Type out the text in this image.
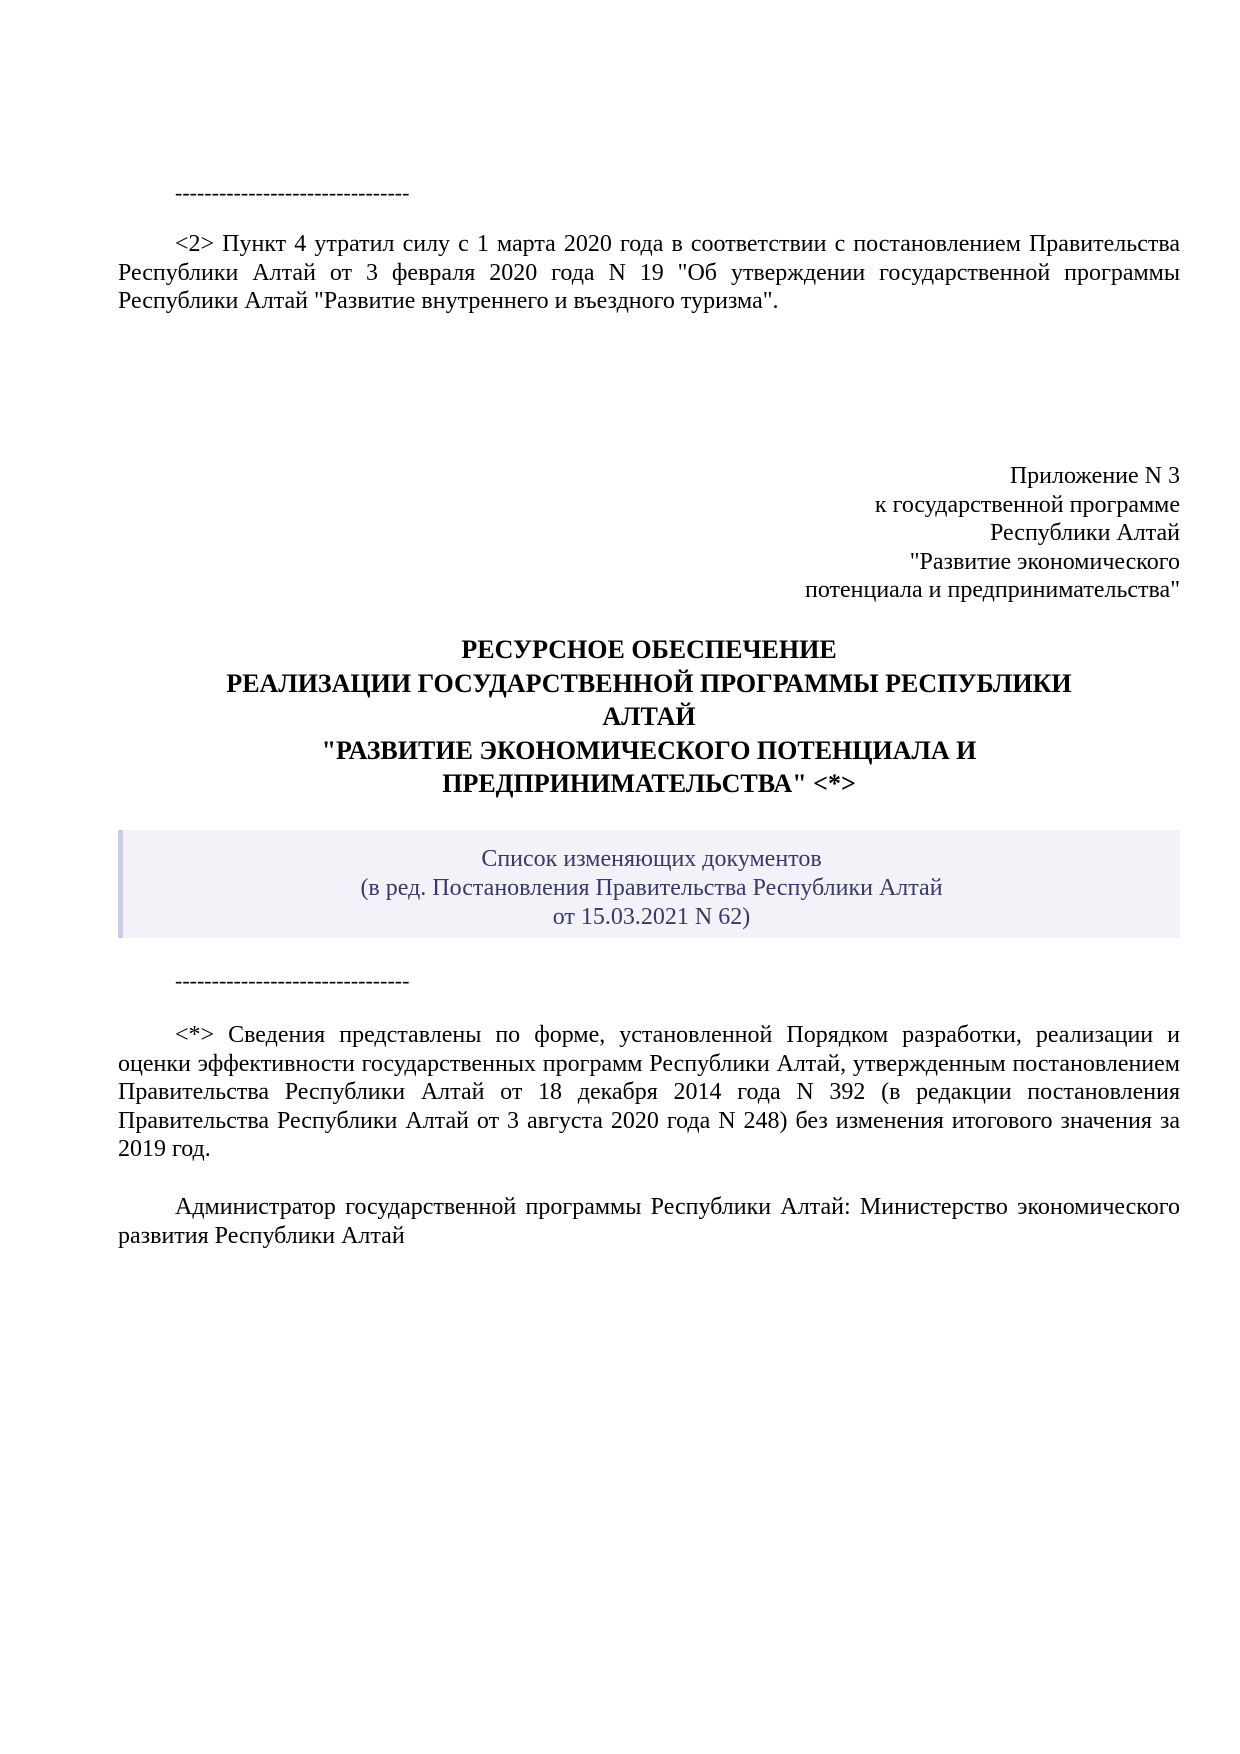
--------------------------------

<2> Пункт 4 утратил силу с 1 марта 2020 года в соответствии с постановлением Правительства Республики Алтай от 3 февраля 2020 года N 19 "Об утверждении государственной программы Республики Алтай "Развитие внутреннего и въездного туризма".

Приложение N 3
к государственной программе
Республики Алтай
"Развитие экономического
потенциала и предпринимательства"
РЕСУРСНОЕ ОБЕСПЕЧЕНИЕ
РЕАЛИЗАЦИИ ГОСУДАРСТВЕННОЙ ПРОГРАММЫ РЕСПУБЛИКИ
АЛТАЙ
"РАЗВИТИЕ ЭКОНОМИЧЕСКОГО ПОТЕНЦИАЛА И
ПРЕДПРИНИМАТЕЛЬСТВА" <*>
Список изменяющих документов
(в ред. Постановления Правительства Республики Алтай
от 15.03.2021 N 62)
--------------------------------

<*> Сведения представлены по форме, установленной Порядком разработки, реализации и оценки эффективности государственных программ Республики Алтай, утвержденным постановлением Правительства Республики Алтай от 18 декабря 2014 года N 392 (в редакции постановления Правительства Республики Алтай от 3 августа 2020 года N 248) без изменения итогового значения за 2019 год.

Администратор государственной программы Республики Алтай: Министерство экономического развития Республики Алтай
